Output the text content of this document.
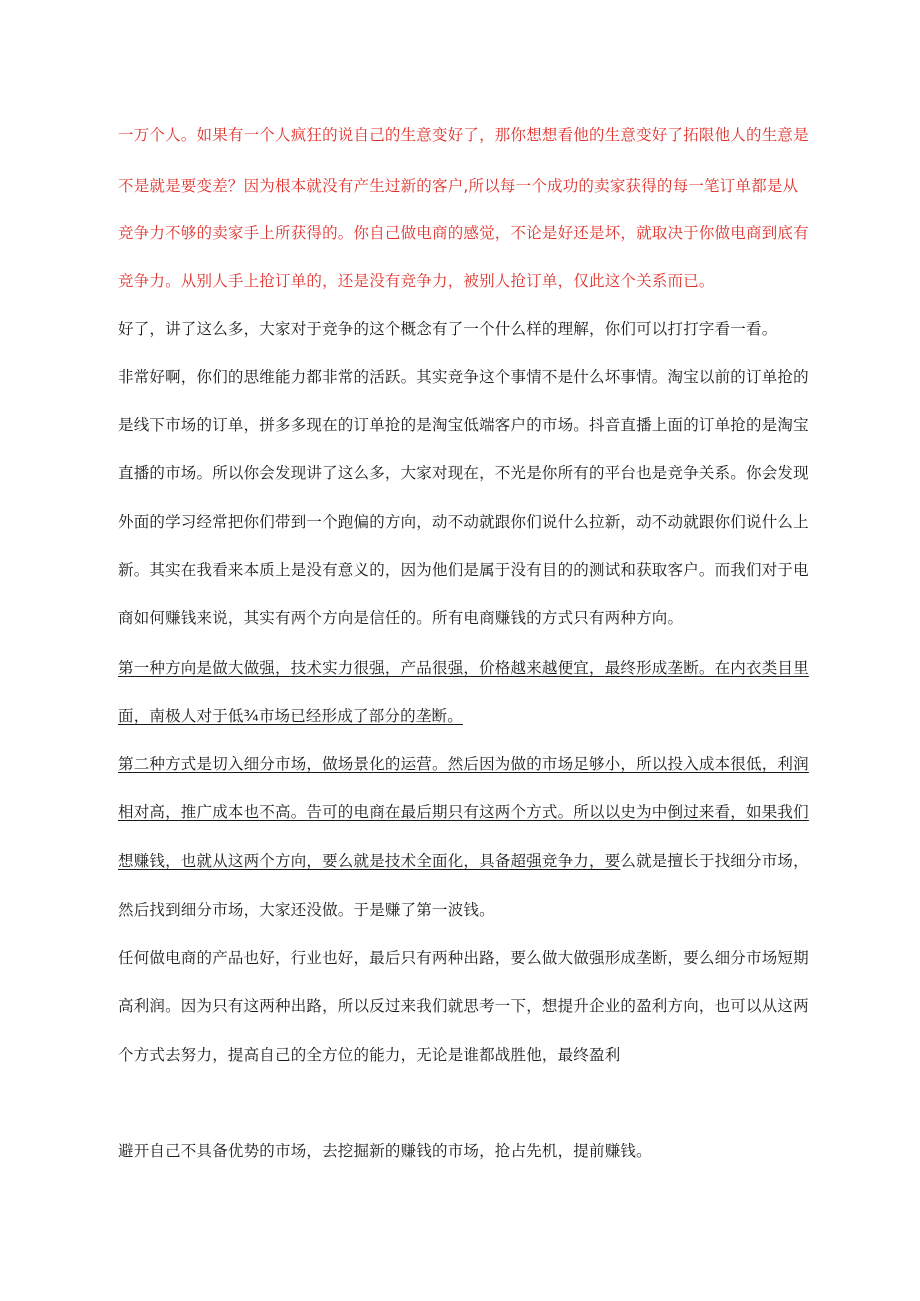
一万个人。如果有一个人疯狂的说自己的生意变好了，那你想想看他的生意变好了拓限他人的生意是
不是就是要变差？因为根本就没有产生过新的客户,所以每一个成功的卖家获得的每一笔订单都是从
竞争力不够的卖家手上所获得的。你自己做电商的感觉，不论是好还是坏，就取决于你做电商到底有
竞争力。从别人手上抢订单的，还是没有竞争力，被别人抢订单，仅此这个关系而已。
好了，讲了这么多，大家对于竞争的这个概念有了一个什么样的理解，你们可以打打字看一看。
非常好啊，你们的思维能力都非常的活跃。其实竞争这个事情不是什么坏事情。淘宝以前的订单抢的
是线下市场的订单，拼多多现在的订单抢的是淘宝低端客户的市场。抖音直播上面的订单抢的是淘宝
直播的市场。所以你会发现讲了这么多，大家对现在，不光是你所有的平台也是竞争关系。你会发现
外面的学习经常把你们带到一个跑偏的方向，动不动就跟你们说什么拉新，动不动就跟你们说什么上
新。其实在我看来本质上是没有意义的，因为他们是属于没有目的的测试和获取客户。而我们对于电
商如何赚钱来说，其实有两个方向是信任的。所有电商赚钱的方式只有两种方向。
第一种方向是做大做强，技术实力很强，产品很强，价格越来越便宜，最终形成垄断。在内衣类目里
面，南极人对于低¾市场已经形成了部分的垄断。
第二种方式是切入细分市场，做场景化的运营。然后因为做的市场足够小，所以投入成本很低，利润
相对高，推广成本也不高。告可的电商在最后期只有这两个方式。所以以史为中倒过来看，如果我们
想赚钱，也就从这两个方向，要么就是技术全面化，具备超强竞争力，要么就是擅长于找细分市场，
然后找到细分市场，大家还没做。于是赚了第一波钱。
任何做电商的产品也好，行业也好，最后只有两种出路，要么做大做强形成垄断，要么细分市场短期
高利润。因为只有这两种出路，所以反过来我们就思考一下，想提升企业的盈利方向，也可以从这两
个方式去努力，提高自己的全方位的能力，无论是谁都战胜他，最终盈利
避开自己不具备优势的市场，去挖掘新的赚钱的市场，抢占先机，提前赚钱。
